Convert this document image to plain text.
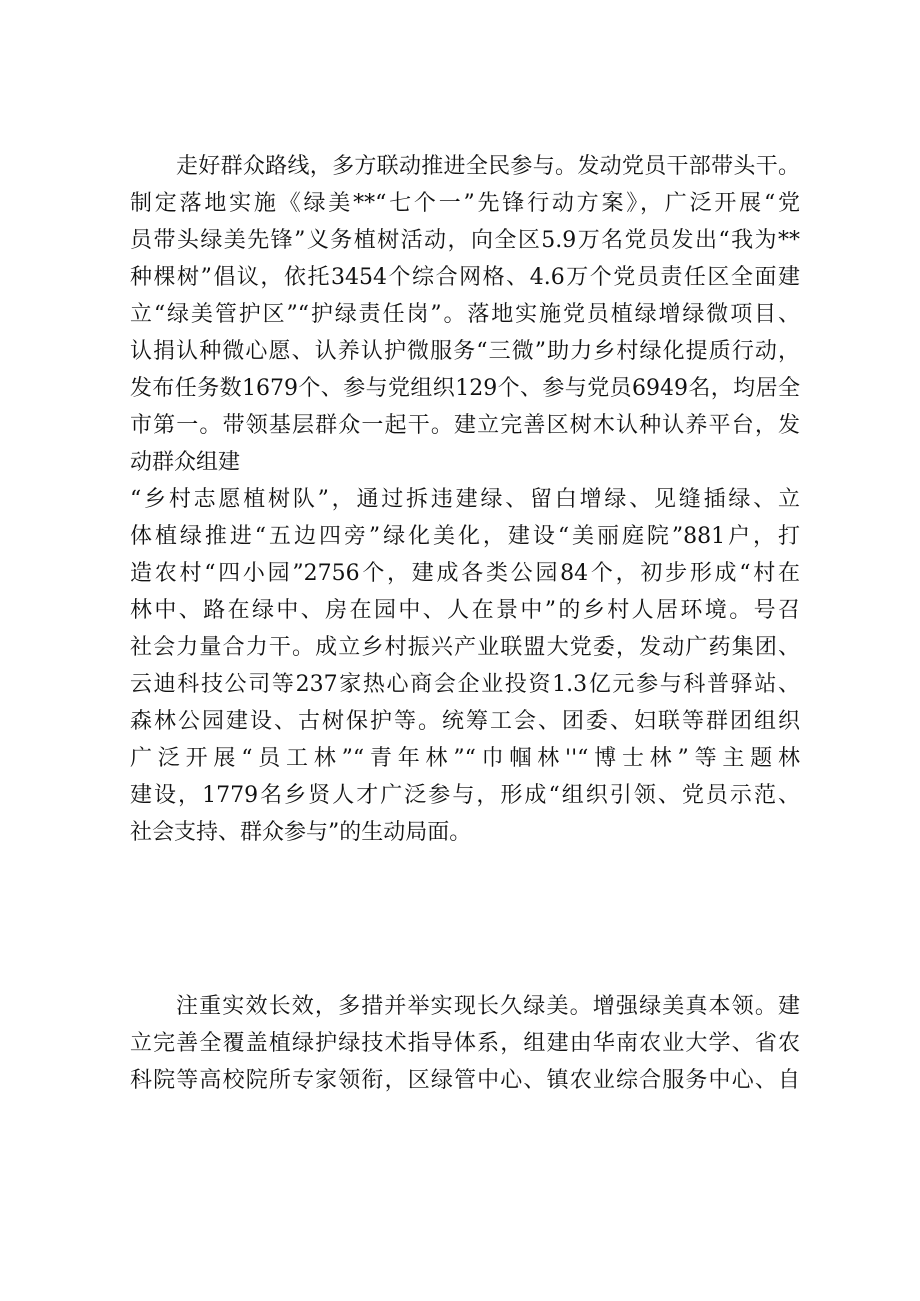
走好群众路线，多方联动推进全民参与。发动党员干部带头干。
制定落地实施《绿美**“七个一”先锋行动方案》，广泛开展“党
员带头绿美先锋”义务植树活动，向全区5.9万名党员发出“我为**
种棵树”倡议，依托3454个综合网格、4.6万个党员责任区全面建
立“绿美管护区”“护绿责任岗”。落地实施党员植绿增绿微项目、
认捐认种微心愿、认养认护微服务“三微”助力乡村绿化提质行动，
发布任务数1679个、参与党组织129个、参与党员6949名，均居全
市第一。带领基层群众一起干。建立完善区树木认种认养平台，发
动群众组建
“乡村志愿植树队”，通过拆违建绿、留白增绿、见缝插绿、立
体植绿推进“五边四旁”绿化美化，建设“美丽庭院”881户，打
造农村“四小园”2756个，建成各类公园84个，初步形成“村在
林中、路在绿中、房在园中、人在景中”的乡村人居环境。号召
社会力量合力干。成立乡村振兴产业联盟大党委，发动广药集团、
云迪科技公司等237家热心商会企业投资1.3亿元参与科普驿站、
森林公园建设、古树保护等。统筹工会、团委、妇联等群团组织
广泛开展“员工林”“青年林”“巾帼林''“博士林”等主题林
建设，1779名乡贤人才广泛参与，形成“组织引领、党员示范、
社会支持、群众参与”的生动局面。
注重实效长效，多措并举实现长久绿美。增强绿美真本领。建
立完善全覆盖植绿护绿技术指导体系，组建由华南农业大学、省农
科院等高校院所专家领衔，区绿管中心、镇农业综合服务中心、自
